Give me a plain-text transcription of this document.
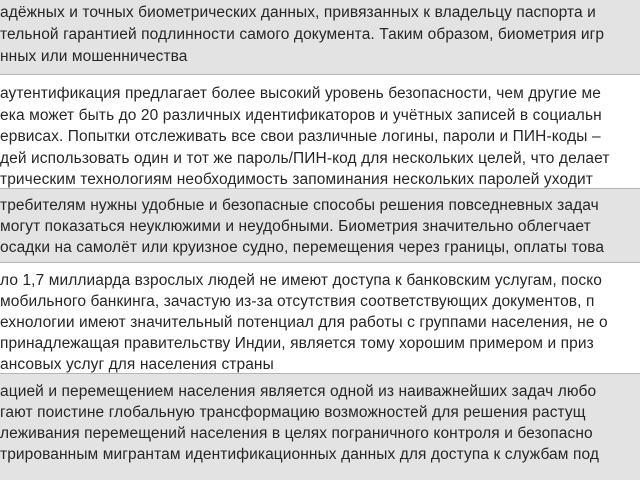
адёжных и точных биометрических данных, привязанных к владельцу паспорта и
тельной гарантией подлинности самого документа. Таким образом, биометрия игр
нных или мошенничества
аутентификация предлагает более высокий уровень безопасности, чем другие ме
ека может быть до 20 различных идентификаторов и учётных записей в социальн
ервисах. Попытки отслеживать все свои различные логины, пароли и ПИН-коды –
дей использовать один и тот же пароль/ПИН-код для нескольких целей, что делает
трическим технологиям необходимость запоминания нескольких паролей уходит
требителям нужны удобные и безопасные способы решения повседневных задач
могут показаться неуклюжими и неудобными. Биометрия значительно облегчает
осадки на самолёт или круизное судно, перемещения через границы, оплаты това
ло 1,7 миллиарда взрослых людей не имеют доступа к банковским услугам, поско
мобильного банкинга, зачастую из-за отсутствия соответствующих документов, п
ехнологии имеют значительный потенциал для работы с группами населения, не о
принадлежащая правительству Индии, является тому хорошим примером и приз
ансовых услуг для населения страны
ацией и перемещением населения является одной из наиважнейших задач любо
гают поистине глобальную трансформацию возможностей для решения растущ
леживания перемещений населения в целях пограничного контроля и безопасно
трированным мигрантам идентификационных данных для доступа к службам под
